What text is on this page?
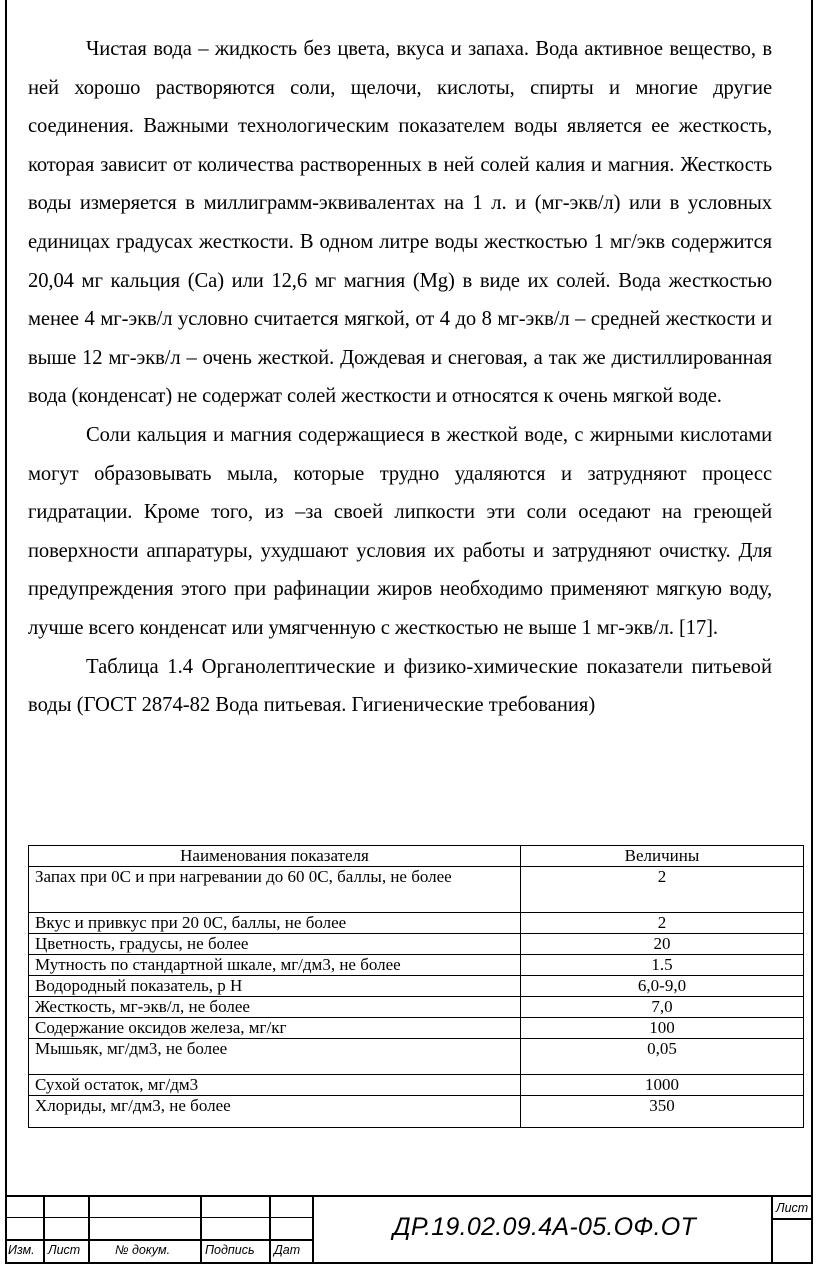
Чистая вода – жидкость без цвета, вкуса и запаха. Вода активное вещество, в ней хорошо растворяются соли, щелочи, кислоты, спирты и многие другие соединения. Важными технологическим показателем воды является ее жесткость, которая зависит от количества растворенных в ней солей калия и магния. Жесткость воды измеряется в миллиграмм-эквивалентах на 1 л. и (мг-экв/л) или в условных единицах градусах жесткости. В одном литре воды жесткостью 1 мг/экв содержится 20,04 мг кальция (Са) или 12,6 мг магния (Mg) в виде их солей. Вода жесткостью менее 4 мг-экв/л условно считается мягкой, от 4 до 8 мг-экв/л – средней жесткости и выше 12 мг-экв/л – очень жесткой. Дождевая и снеговая, а так же дистиллированная вода (конденсат) не содержат солей жесткости и относятся к очень мягкой воде.

Соли кальция и магния содержащиеся в жесткой воде, с жирными кислотами могут образовывать мыла, которые трудно удаляются и затрудняют процесс гидратации. Кроме того, из –за своей липкости эти соли оседают на греющей поверхности аппаратуры, ухудшают условия их работы и затрудняют очистку. Для предупреждения этого при рафинации жиров необходимо применяют мягкую воду, лучше всего конденсат или умягченную с жесткостью не выше 1 мг-экв/л. [17].

Таблица 1.4 Органолептические и физико-химические показатели питьевой воды (ГОСТ 2874-82 Вода питьевая. Гигиенические требования)

Наименования показателя	Величины
Запах при 0С и при нагревании до 60 0С, баллы, не более	2
Вкус и привкус при 20 0С, баллы, не более	2
Цветность, градусы, не более	20
Мутность по стандартной шкале, мг/дм3, не более	1.5
Водородный показатель, р Н	6,0-9,0
Жесткость, мг-экв/л, не более	7,0
Содержание оксидов железа, мг/кг	100
Мышьяк, мг/дм3, не более	0,05
Сухой остаток, мг/дм3	1000
Хлориды, мг/дм3, не более	350
Изм. Лист	№ докум.	Подпись Дат
Лист
ДР.19.02.09.4А-05.ОФ.ОТ
